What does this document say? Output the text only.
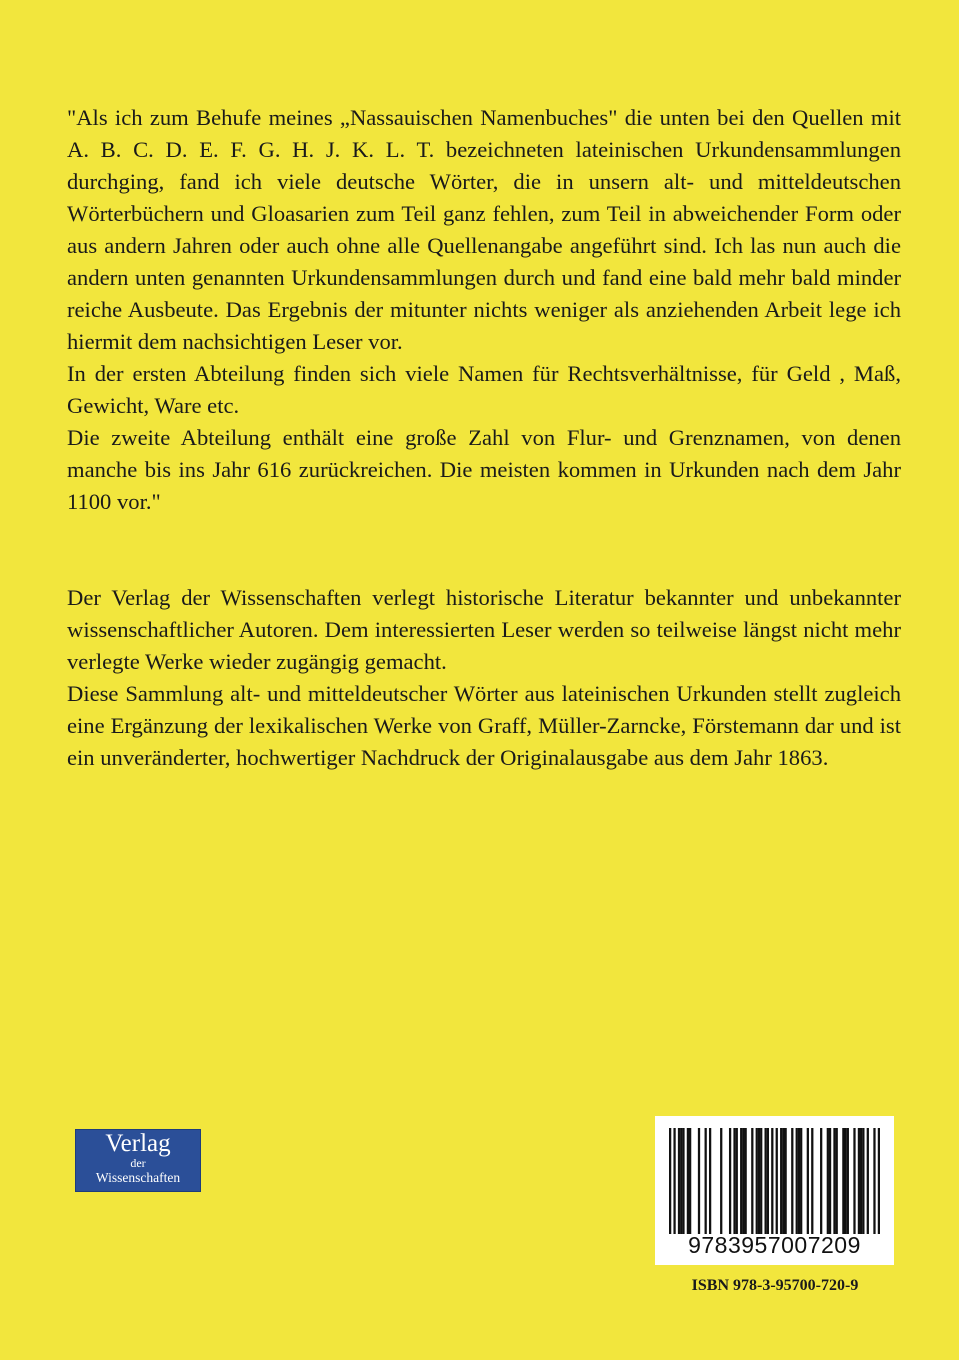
"Als ich zum Behufe meines „Nassauischen Namenbuches" die unten bei den Quellen mit A. B. C. D. E. F. G. H. J. K. L. T. bezeichneten lateinischen Urkundensammlungen durchging, fand ich viele deutsche Wörter, die in unsern alt- und mitteldeutschen Wörterbüchern und Gloasarien zum Teil ganz fehlen, zum Teil in abweichender Form oder aus andern Jahren oder auch ohne alle Quellenangabe angeführt sind. Ich las nun auch die andern unten genannten Urkundensammlungen durch und fand eine bald mehr bald minder reiche Ausbeute. Das Ergebnis der mitunter nichts weniger als anziehenden Arbeit lege ich hiermit dem nachsichtigen Leser vor.

In der ersten Abteilung finden sich viele Namen für Rechtsverhältnisse, für Geld , Maß, Gewicht, Ware etc.

Die zweite Abteilung enthält eine große Zahl von Flur- und Grenznamen, von denen manche bis ins Jahr 616 zurückreichen. Die meisten kommen in Urkunden nach dem Jahr 1100 vor."

Der Verlag der Wissenschaften verlegt historische Literatur bekannter und unbekannter wissenschaftlicher Autoren. Dem interessierten Leser werden so teilweise längst nicht mehr verlegte Werke wieder zugängig gemacht.

Diese Sammlung alt- und mitteldeutscher Wörter aus lateinischen Urkunden stellt zugleich eine Ergänzung der lexikalischen Werke von Graff, Müller-Zarncke, Förstemann dar und ist ein unveränderter, hochwertiger Nachdruck der Originalausgabe aus dem Jahr 1863.

Verlag
der
Wissenschaften
9783957007209
ISBN 978-3-95700-720-9
